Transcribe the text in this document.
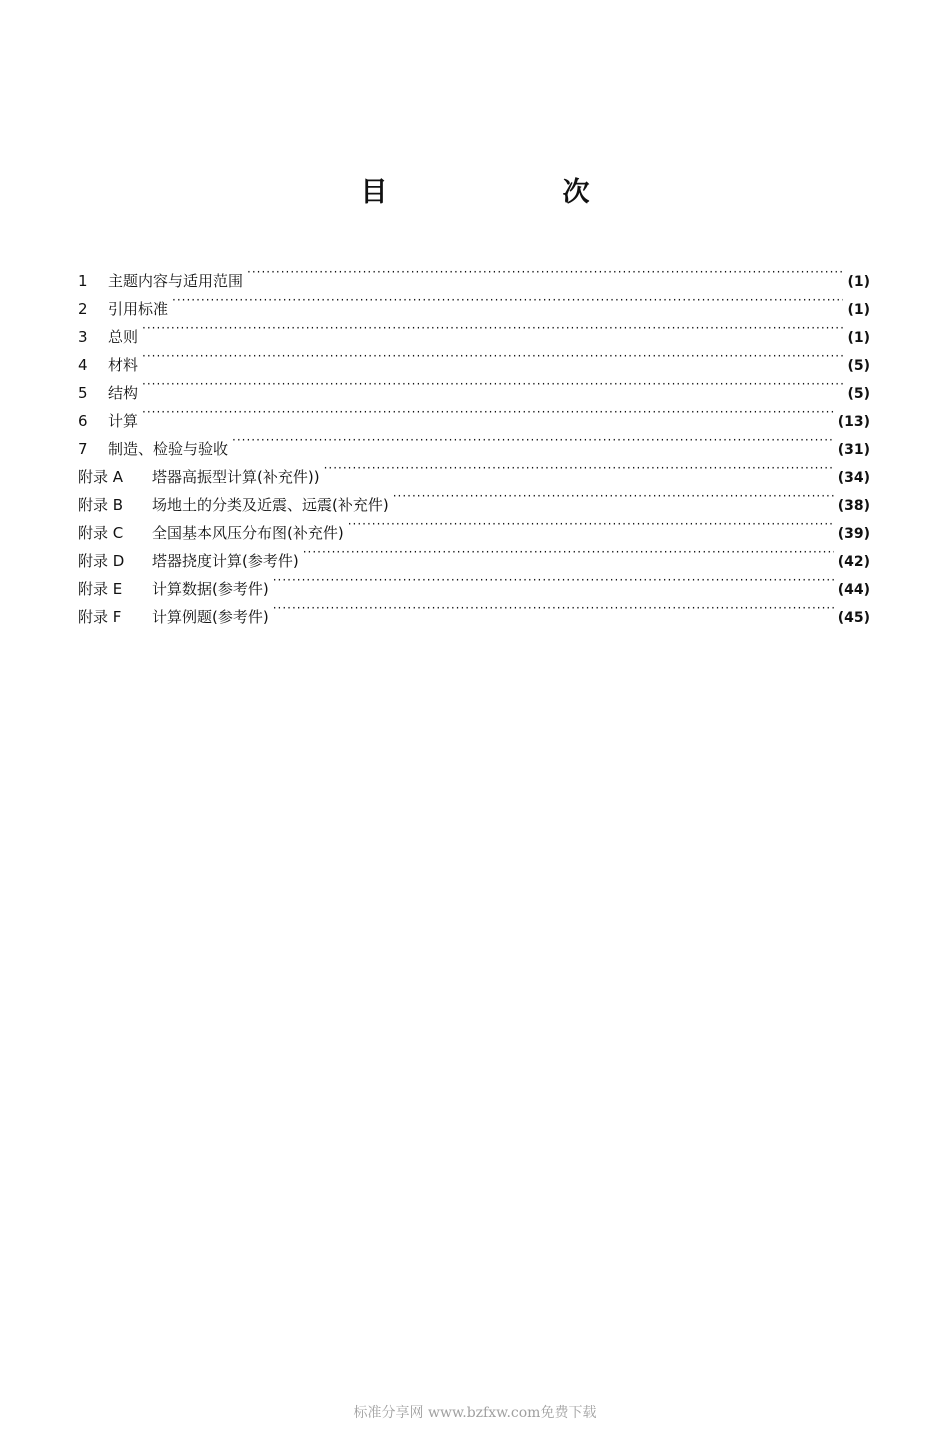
目　次
1	主题内容与适用范围 ·····	(1)
2	引用标准 ·····	(1)
3	总则 ·····	(1)
4	材料 ·····	(5)
5	结构 ·····	(5)
6	计算 ·····	(13)
7	制造、检验与验收 ·····	(31)
附录 A	塔器高振型计算(补充件)) ·····	(34)
附录 B	场地土的分类及近震、远震(补充件) ·····	(38)
附录 C	全国基本风压分布图(补充件) ·····	(39)
附录 D	塔器挠度计算(参考件) ·····	(42)
附录 E	计算数据(参考件) ·····	(44)
附录 F	计算例题(参考件) ·····	(45)
标准分享网 www.bzfxw.com免费下载
